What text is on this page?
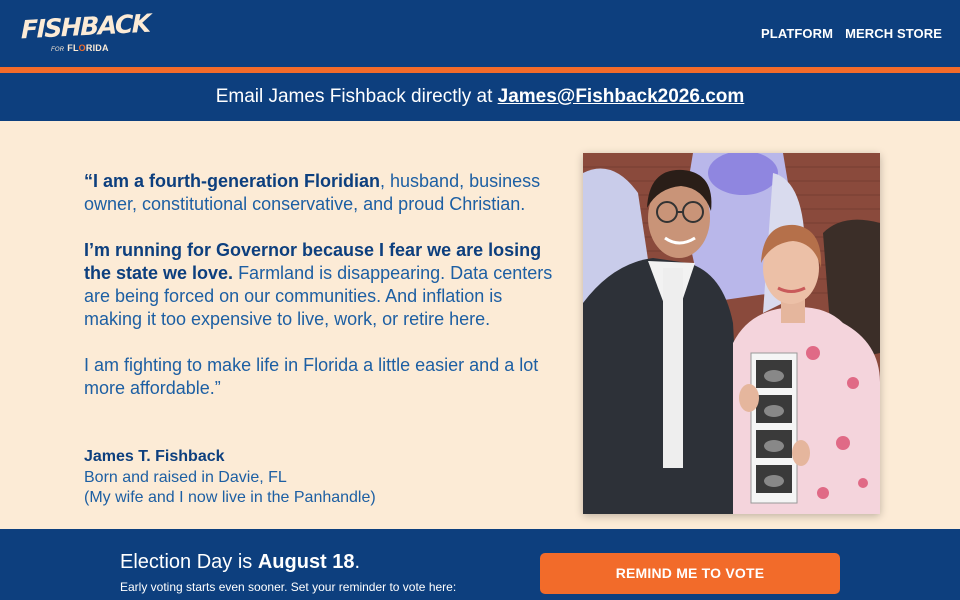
FISHBACK
FOR FLORIDA
PLATFORM MERCH STORE
Email James Fishback directly at James@Fishback2026.com

“I am a fourth-generation Floridian, husband, business owner, constitutional conservative, and proud Christian.

I’m running for Governor because I fear we are losing the state we love. Farmland is disappearing. Data centers are being forced on our communities. And inflation is making it too expensive to live, work, or retire here.

I am fighting to make life in Florida a little easier and a lot more affordable.”

James T. Fishback
Born and raised in Davie, FL
(My wife and I now live in the Panhandle)
Election Day is August 18.
Early voting starts even sooner. Set your reminder to vote here:
REMIND ME TO VOTE
